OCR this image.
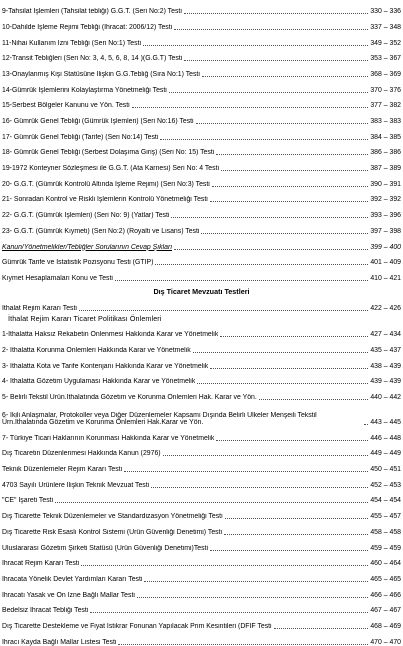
9-Tahsilat İşlemleri (Tahsilat tebliği) G.G.T. (Seri No:2) Testi	330 – 336
10-Dahilde İşleme Rejimi Tebliği (İhracat: 2006/12) Testi	337 – 348
11-Nihai Kullanım İzni Tebliği (Seri No:1) Testi	349 – 352
12-Transit Tebliğleri (Seri No: 3, 4, 5, 6, 8, 14 )(G.G.T) Testi	353 – 367
13-Onaylanmış Kişi Statüsüne İlişkin G.G.Tebliğ (Sıra No:1) Testi	368 – 369
14-Gümrük İşlemlerini Kolaylaştırma Yönetmeliği Testi	370 – 376
15-Serbest Bölgeler Kanunu ve Yön. Testi	377 – 382
16- Gümrük Genel Tebliği (Gümrük İşlemleri) (Seri No:16) Testi	383 – 383
17- Gümrük Genel Tebliği (Tarife) (Seri No:14) Testi	384 – 385
18- Gümrük Genel Tebliği (Serbest Dolaşıma Giriş) (Seri No: 15) Testi	386 – 386
19-1972 Konteyner Sözleşmesi ile G.G.T. (Ata Karnesi) Seri No: 4 Testi	387 – 389
20- G.G.T. (Gümrük Kontrolü Altında İşleme Rejimi) (Seri No:3) Testi	390 – 391
21- Sonradan Kontrol ve Riskli İşlemlerin Kontrolü Yönetmeliği Testi	392 – 392
22- G.G.T. (Gümrük İşlemleri) (Seri No: 9) (Yatlar) Testi	393 – 396
23- G.G.T. (Gümrük Kıymeti) (Seri No:2) (Royalti ve Lisans) Testi	397 – 398
Kanun/Yönetmelikler/Tebliğler Sorularının Cevap Şıkları	399 – 400
Gümrük Tarife ve İstatistik Pozisyonu Testi (GTİP)	401 – 409
Kıymet Hesaplamaları Konu ve Testi	410 – 421
Dış Ticaret Mevzuatı Testleri
İthalat Rejim Kararı Testi	422 – 426
İthalat Rejim Kararı Ticaret Politikası Önlemleri
1-İthalatta Haksız Rekabetin Önlenmesi Hakkında Karar ve Yönetmelik	427 – 434
2- İthalatta Korunma Önlemleri Hakkında Karar ve Yönetmelik	435 – 437
3- İthalatta Kota ve Tarife Kontenjanı Hakkında Karar ve Yönetmelik	438 – 439
4- İthalatta Gözetim Uygulaması Hakkında Karar ve Yönetmelik	439 – 439
5- Belirli Tekstil Ürün.İthalatında Gözetim ve Korunma Önlemleri Hak. Karar ve Yön.	440 – 442
6- İkili Anlaşmalar, Protokoller veya Diğer Düzenlemeler Kapsamı Dışında Belirli Ülkeler Menşeili Tekstil Ürn.İthalatında Gözetim ve Korunma Önlemleri Hak.Karar ve Yön.	443 – 445
7- Türkiye Ticari Haklarının Korunması Hakkında Karar ve Yönetmelik	446 – 448
Dış Ticaretin Düzenlenmesi Hakkında Kanun (2976)	449 – 449
Teknik Düzenlemeler Rejim Kararı Testi	450 – 451
4703 Sayılı Ürünlere İlişkin Teknik Mevzuat Testi	452 – 453
"CE" İşareti Testi	454 – 454
Dış Ticarette Teknik Düzenlemeler ve Standardizasyon Yönetmeliği Testi	455 – 457
Dış Ticarette Risk Esaslı Kontrol Sistemi (Ürün Güvenliği Denetimi) Testi	458 – 458
Uluslararası Gözetim Şirketi Statüsü (Ürün Güvenliği Denetimi)Testi	459 – 459
İhracat Rejim Kararı Testi	460 – 464
İhracata Yönelik Devlet Yardımları Kararı Testi	465 – 465
İhracatı Yasak ve Ön İzne Bağlı Mallar Testi	466 – 466
Bedelsiz İhracat Tebliği Testi	467 – 467
Dış Ticarette Destekleme ve Fiyat İstikrar Fonunan Yapılacak Prim Kesintileri (DFİF Testi	468 – 469
İhracı Kayda Bağlı Mallar Listesi Testi	470 – 470
